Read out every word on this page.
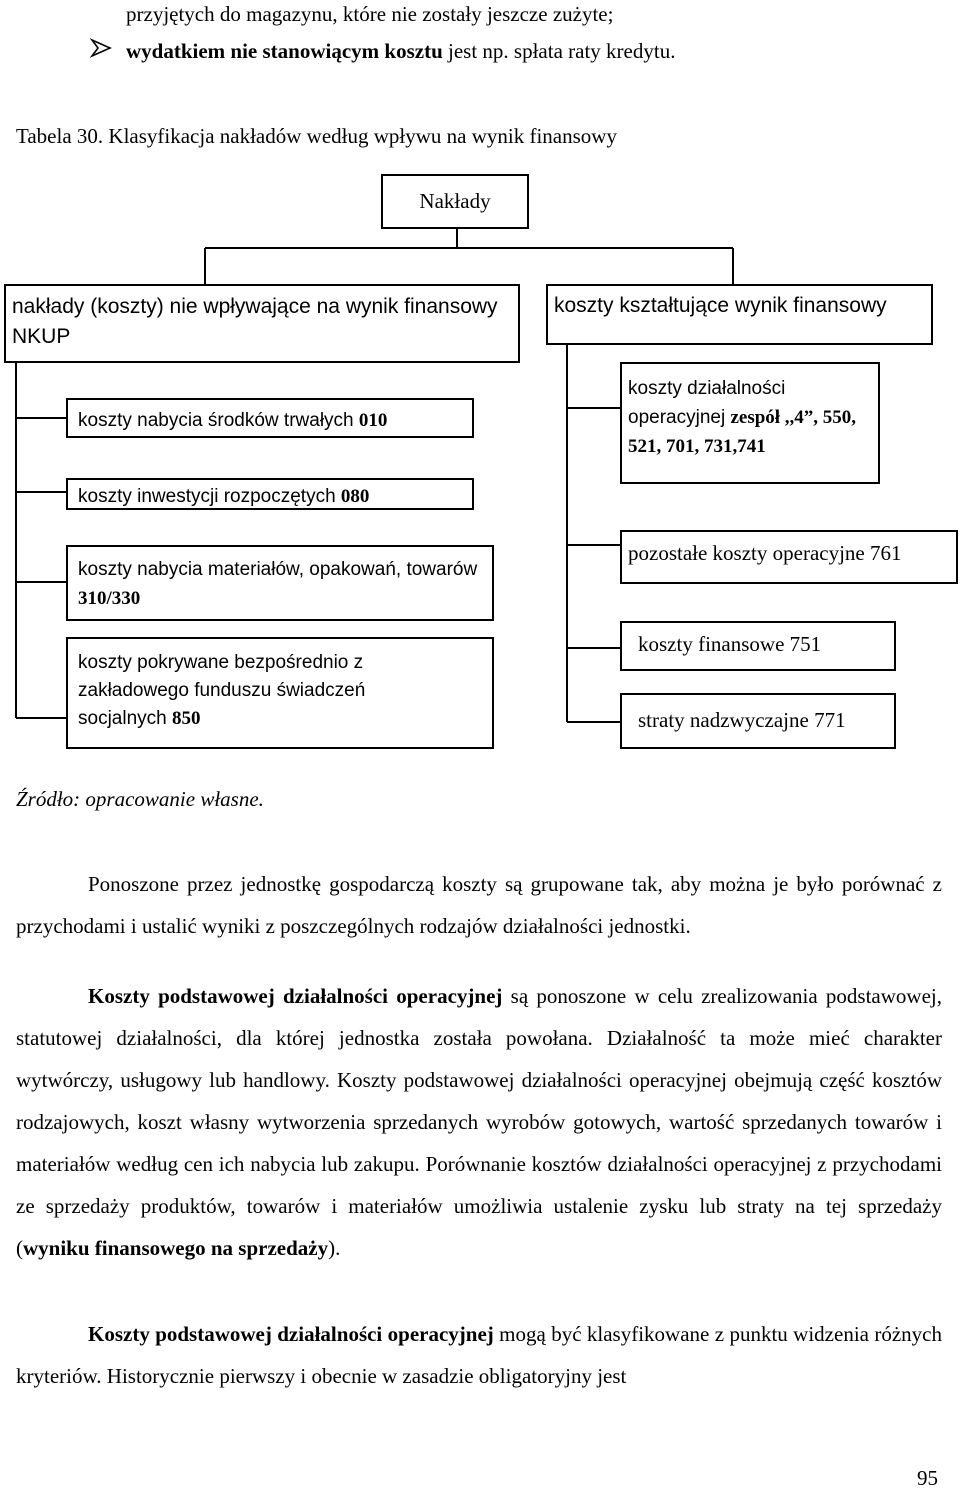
przyjętych do magazynu, które nie zostały jeszcze zużyte;
wydatkiem nie stanowiącym kosztu jest np. spłata raty kredytu.
Tabela 30. Klasyfikacja nakładów według wpływu na wynik finansowy
Nakłady
nakłady (koszty) nie wpływające na wynik finansowy NKUP
koszty kształtujące wynik finansowy
koszty nabycia środków trwałych 010
koszty inwestycji rozpoczętych 080
koszty nabycia materiałów, opakowań, towarów 310/330
koszty pokrywane bezpośrednio z zakładowego funduszu świadczeń socjalnych 850
koszty działalności operacyjnej zespół ,,4”, 550, 521, 701, 731,741
pozostałe koszty operacyjne 761
koszty finansowe 751
straty nadzwyczajne 771
Źródło: opracowanie własne.

Ponoszone przez jednostkę gospodarczą koszty są grupowane tak, aby można je było porównać z przychodami i ustalić wyniki z poszczególnych rodzajów działalności jednostki.

Koszty podstawowej działalności operacyjnej są ponoszone w celu zrealizowania podstawowej, statutowej działalności, dla której jednostka została powołana. Działalność ta może mieć charakter wytwórczy, usługowy lub handlowy. Koszty podstawowej działalności operacyjnej obejmują część kosztów rodzajowych, koszt własny wytworzenia sprzedanych wyrobów gotowych, wartość sprzedanych towarów i materiałów według cen ich nabycia lub zakupu. Porównanie kosztów działalności operacyjnej z przychodami ze sprzedaży produktów, towarów i materiałów umożliwia ustalenie zysku lub straty na tej sprzedaży (wyniku finansowego na sprzedaży).

Koszty podstawowej działalności operacyjnej mogą być klasyfikowane z punktu widzenia różnych kryteriów. Historycznie pierwszy i obecnie w zasadzie obligatoryjny jest

95
